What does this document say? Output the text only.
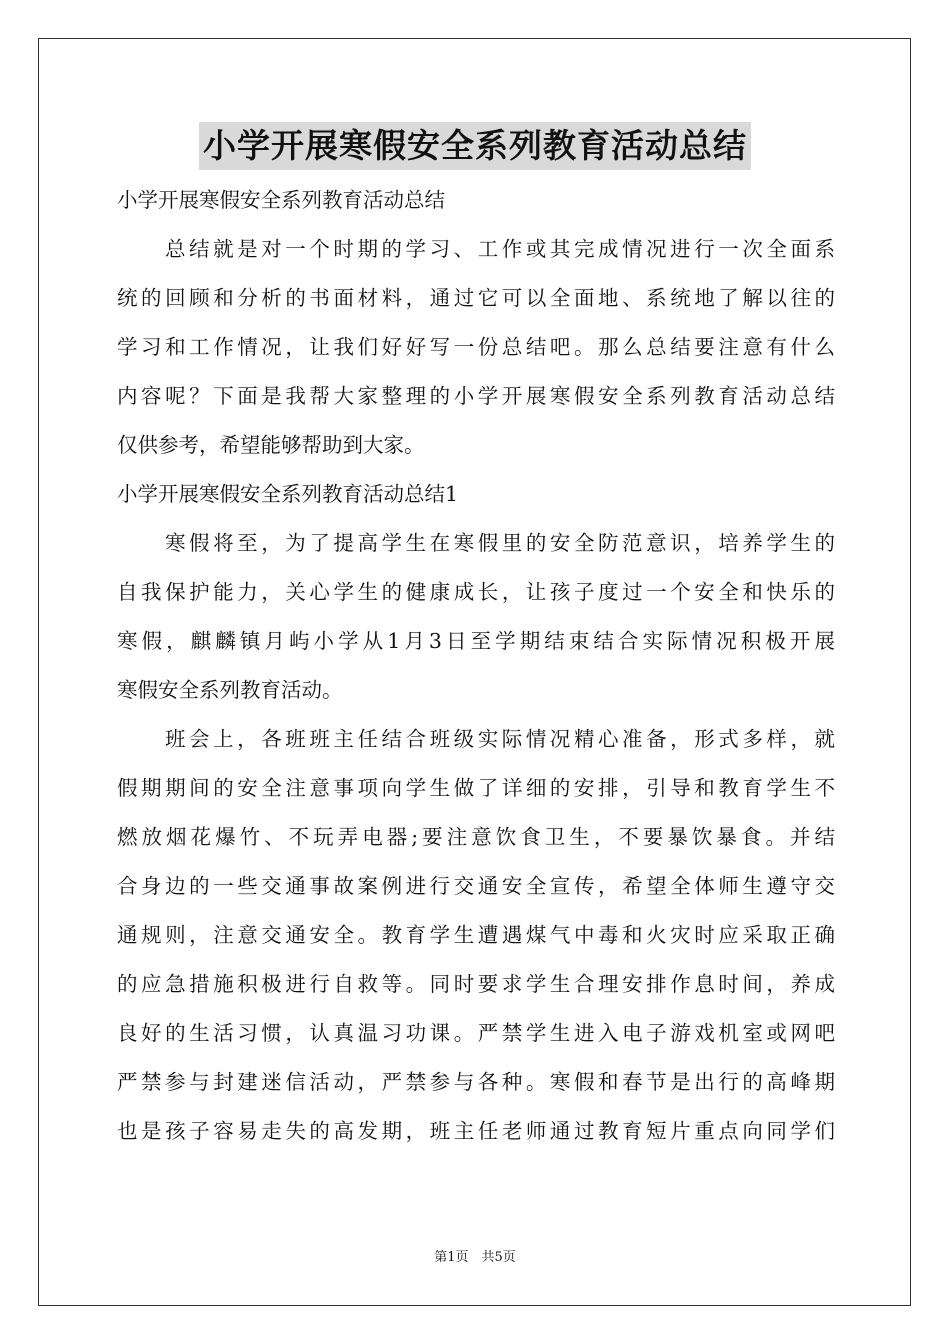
小学开展寒假安全系列教育活动总结
小学开展寒假安全系列教育活动总结
总结就是对一个时期的学习、工作或其完成情况进行一次全面系
统的回顾和分析的书面材料，通过它可以全面地、系统地了解以往的
学习和工作情况，让我们好好写一份总结吧。那么总结要注意有什么
内容呢？下面是我帮大家整理的小学开展寒假安全系列教育活动总结
仅供参考，希望能够帮助到大家。
小学开展寒假安全系列教育活动总结1
寒假将至，为了提高学生在寒假里的安全防范意识，培养学生的
自我保护能力，关心学生的健康成长，让孩子度过一个安全和快乐的
寒假，麒麟镇月屿小学从1月3日至学期结束结合实际情况积极开展
寒假安全系列教育活动。
班会上，各班班主任结合班级实际情况精心准备，形式多样，就
假期期间的安全注意事项向学生做了详细的安排，引导和教育学生不
燃放烟花爆竹、不玩弄电器;要注意饮食卫生，不要暴饮暴食。并结
合身边的一些交通事故案例进行交通安全宣传，希望全体师生遵守交
通规则，注意交通安全。教育学生遭遇煤气中毒和火灾时应采取正确
的应急措施积极进行自救等。同时要求学生合理安排作息时间，养成
良好的生活习惯，认真温习功课。严禁学生进入电子游戏机室或网吧
严禁参与封建迷信活动，严禁参与各种。寒假和春节是出行的高峰期
也是孩子容易走失的高发期，班主任老师通过教育短片重点向同学们
第1页　共5页
